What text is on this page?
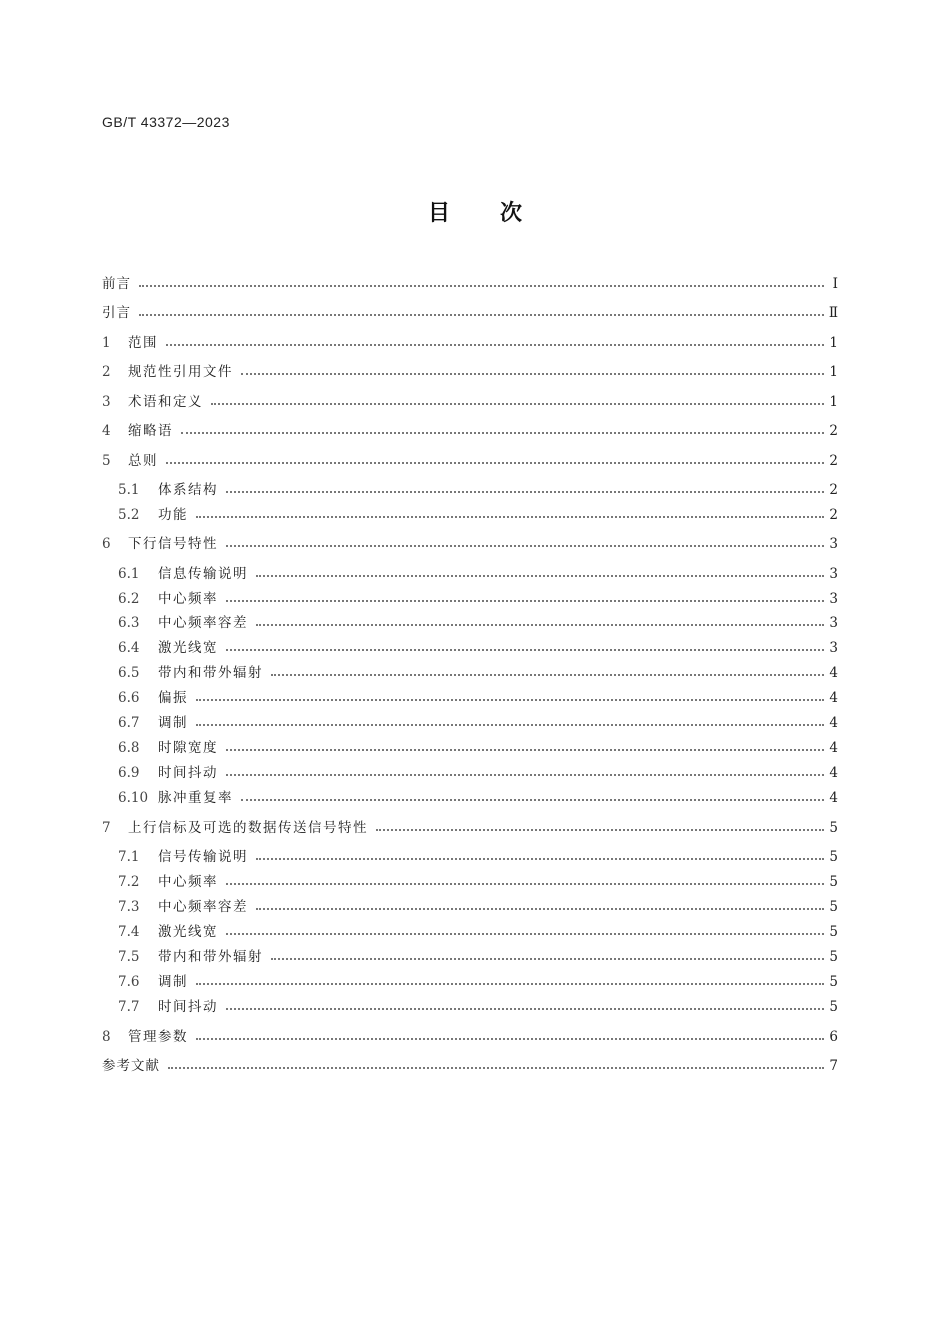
GB/T 43372—2023
目 次
前言	Ⅰ
引言	Ⅱ
1	范围	1
2	规范性引用文件	1
3	术语和定义	1
4	缩略语	2
5	总则	2
5.1	体系结构	2
5.2	功能	2
6	下行信号特性	3
6.1	信息传输说明	3
6.2	中心频率	3
6.3	中心频率容差	3
6.4	激光线宽	3
6.5	带内和带外辐射	4
6.6	偏振	4
6.7	调制	4
6.8	时隙宽度	4
6.9	时间抖动	4
6.10 脉冲重复率	4
7	上行信标及可选的数据传送信号特性	5
7.1	信号传输说明	5
7.2	中心频率	5
7.3	中心频率容差	5
7.4	激光线宽	5
7.5	带内和带外辐射	5
7.6	调制	5
7.7	时间抖动	5
8	管理参数	6
参考文献	7
